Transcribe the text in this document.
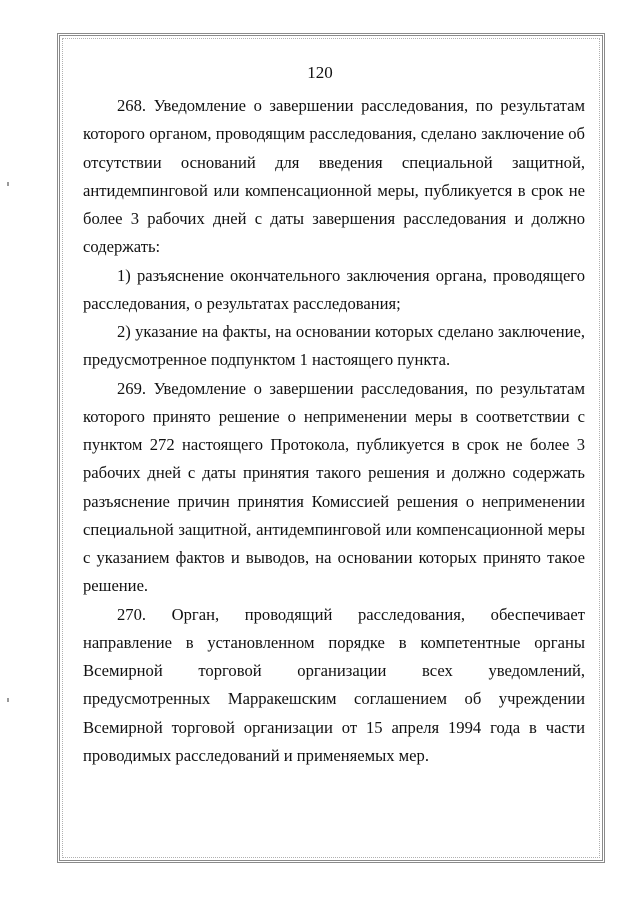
120

268. Уведомление о завершении расследования, по результатам которого органом, проводящим расследования, сделано заключение об отсутствии оснований для введения специальной защитной, антидемпинговой или компенсационной меры, публикуется в срок не более 3 рабочих дней с даты завершения расследования и должно содержать:

1) разъяснение окончательного заключения органа, проводящего расследования, о результатах расследования;

2) указание на факты, на основании которых сделано заключение, предусмотренное подпунктом 1 настоящего пункта.

269. Уведомление о завершении расследования, по результатам которого принято решение о неприменении меры в соответствии с пунктом 272 настоящего Протокола, публикуется в срок не более 3 рабочих дней с даты принятия такого решения и должно содержать разъяснение причин принятия Комиссией решения о неприменении специальной защитной, антидемпинговой или компенсационной меры с указанием фактов и выводов, на основании которых принято такое решение.

270. Орган, проводящий расследования, обеспечивает направление в установленном порядке в компетентные органы Всемирной торговой организации всех уведомлений, предусмотренных Марракешским соглашением об учреждении Всемирной торговой организации от 15 апреля 1994 года в части проводимых расследований и применяемых мер.
